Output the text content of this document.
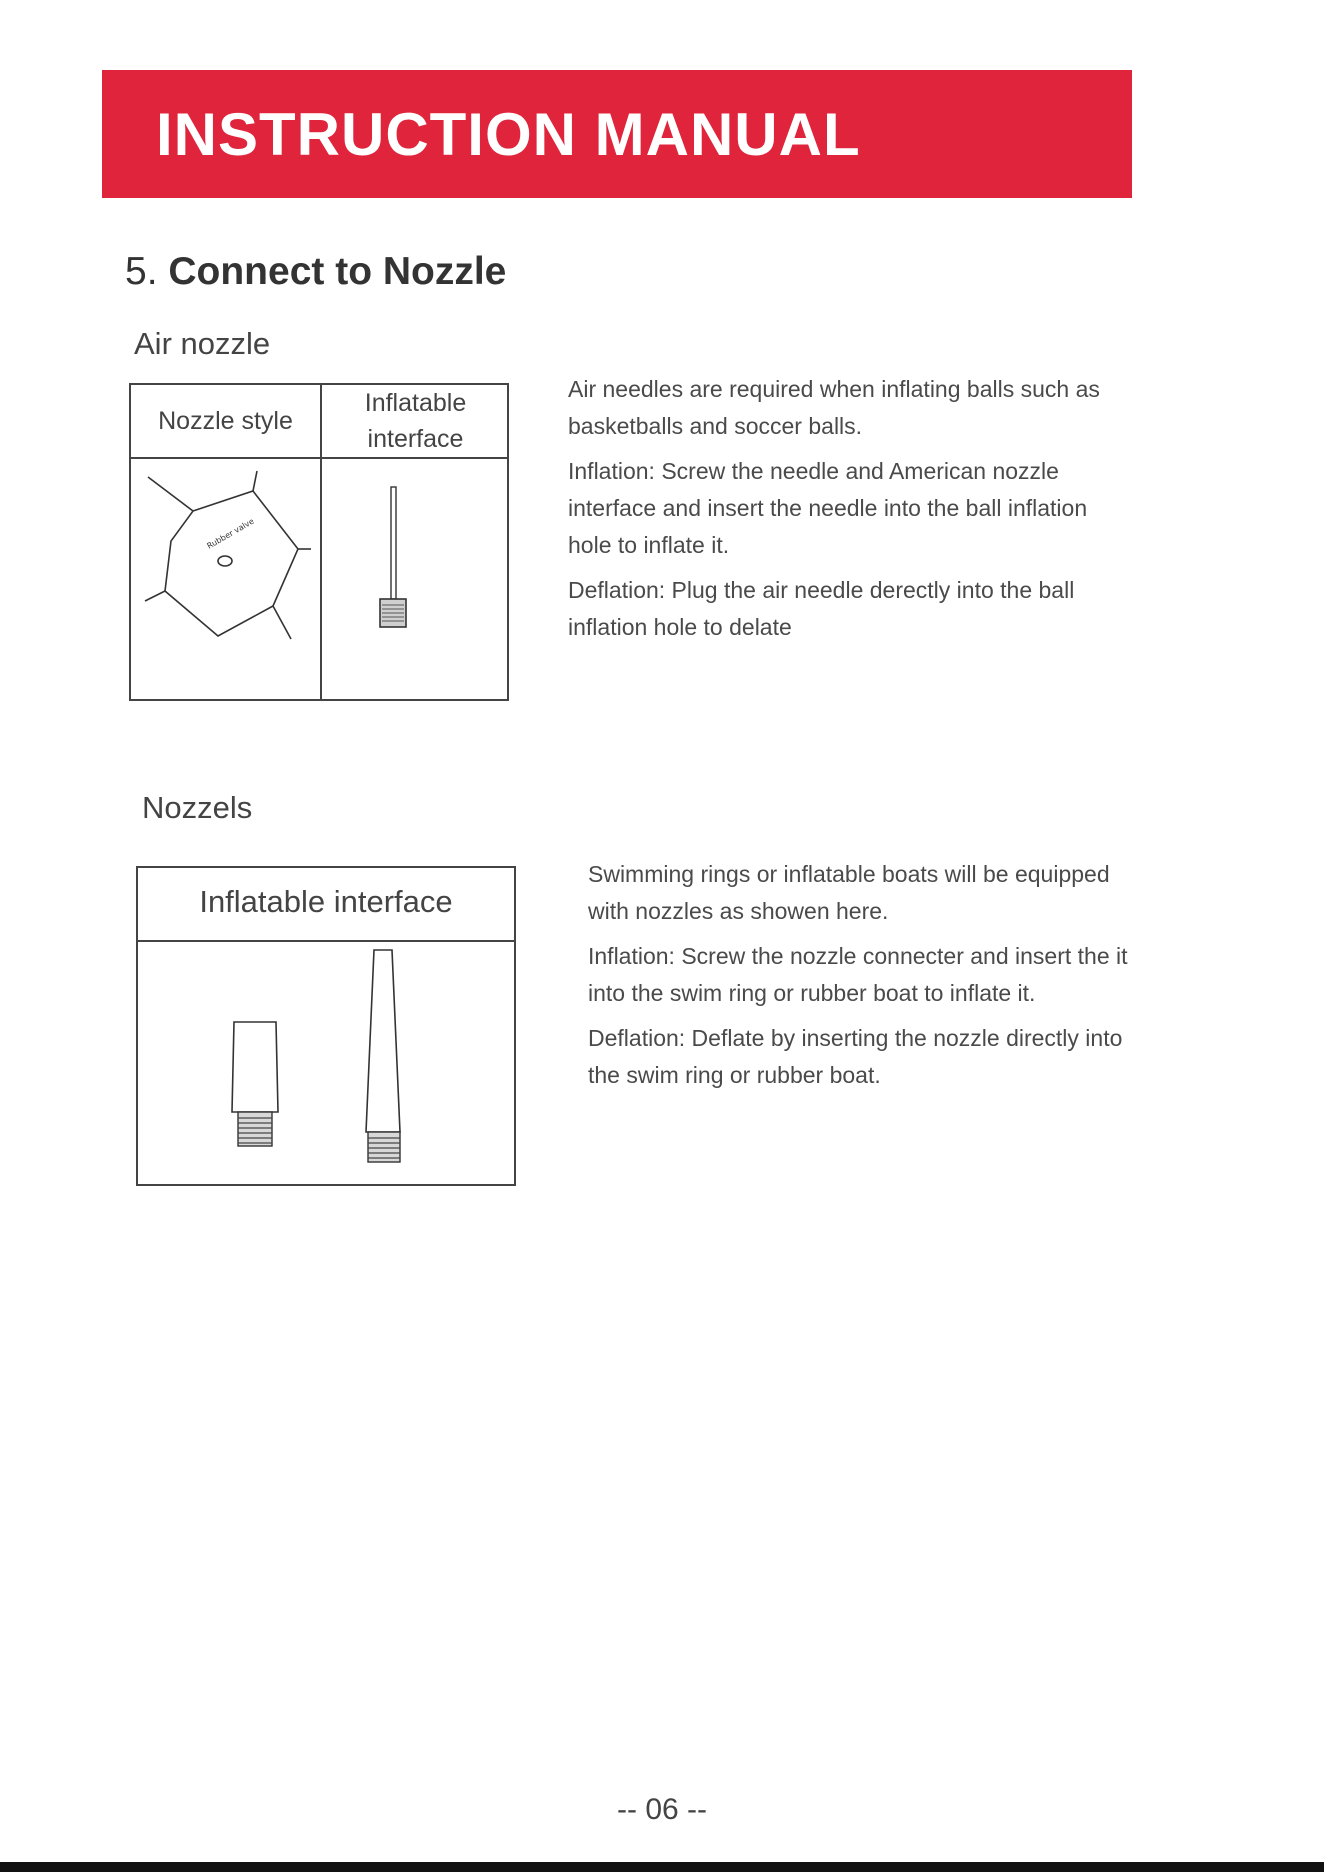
INSTRUCTION MANUAL
5. Connect to Nozzle
Air nozzle
Nozzle style
Inflatable
interface
Rubber valve

Air needles are required when inflating balls such as basketballs and soccer balls.

Inflation: Screw the needle and American nozzle interface and insert the needle into the ball inflation hole to inflate it.

Deflation: Plug the air needle derectly into the ball inflation hole to delate

Nozzels
Inflatable interface

Swimming rings or inflatable boats will be equipped with nozzles as showen here.

Inflation: Screw the nozzle connecter and insert the it into the swim ring or rubber boat to inflate it.

Deflation: Deflate by inserting the nozzle directly into the swim ring or rubber boat.

-- 06 --
